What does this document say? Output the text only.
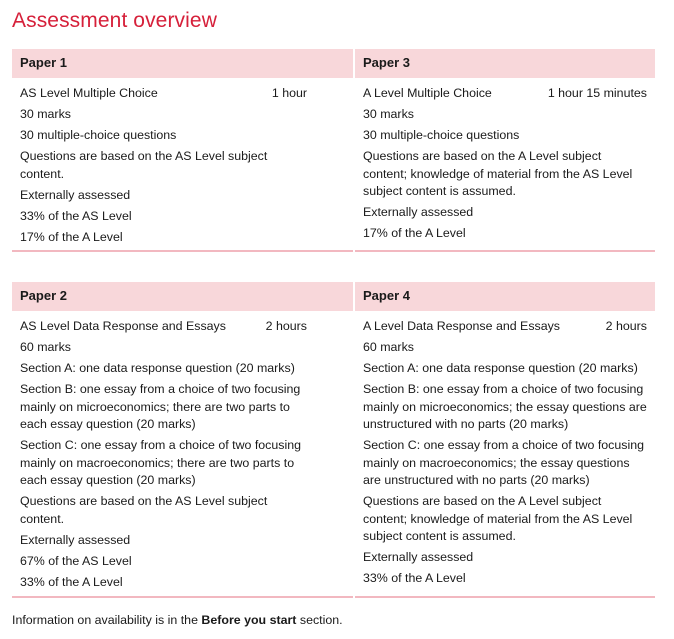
Assessment overview
Paper 1
AS Level Multiple Choice	1 hour
30 marks
30 multiple-choice questions
Questions are based on the AS Level subject content.
Externally assessed
33% of the AS Level
17% of the A Level
Paper 3
A Level Multiple Choice	1 hour 15 minutes
30 marks
30 multiple-choice questions
Questions are based on the A Level subject content; knowledge of material from the AS Level subject content is assumed.
Externally assessed
17% of the A Level
Paper 2
AS Level Data Response and Essays	2 hours
60 marks
Section A: one data response question (20 marks)
Section B: one essay from a choice of two focusing mainly on microeconomics; there are two parts to each essay question (20 marks)
Section C: one essay from a choice of two focusing mainly on macroeconomics; there are two parts to each essay question (20 marks)
Questions are based on the AS Level subject content.
Externally assessed
67% of the AS Level
33% of the A Level
Paper 4
A Level Data Response and Essays	2 hours
60 marks
Section A: one data response question (20 marks)
Section B: one essay from a choice of two focusing mainly on microeconomics; the essay questions are unstructured with no parts (20 marks)
Section C: one essay from a choice of two focusing mainly on macroeconomics; the essay questions are unstructured with no parts (20 marks)
Questions are based on the A Level subject content; knowledge of material from the AS Level subject content is assumed.
Externally assessed
33% of the A Level
Information on availability is in the Before you start section.
